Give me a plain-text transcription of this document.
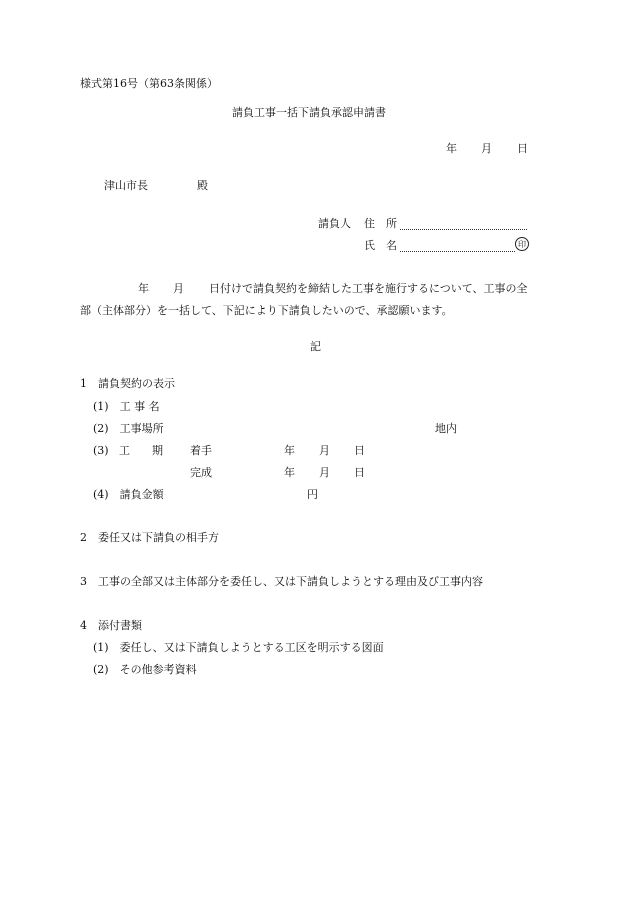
様式第16号（第63条関係）
請負工事一括下請負承認申請書
年 月 日
津山市長	殿
請負人 住　所
氏　名	印
年 月 日付けで請負契約を締結した工事を施行するについて、工事の全
部（主体部分）を一括して、下記により下請負したいので、承認願います。
記
1　請負契約の表示
(1)　工 事 名
(2)　工事場所	地内
(3) 工　　期 着手	年 月 日
完成	年 月 日
(4)　請負金額	円
2　委任又は下請負の相手方
3　工事の全部又は主体部分を委任し、又は下請負しようとする理由及び工事内容
4　添付書類
(1)　委任し、又は下請負しようとする工区を明示する図面
(2)　その他参考資料
